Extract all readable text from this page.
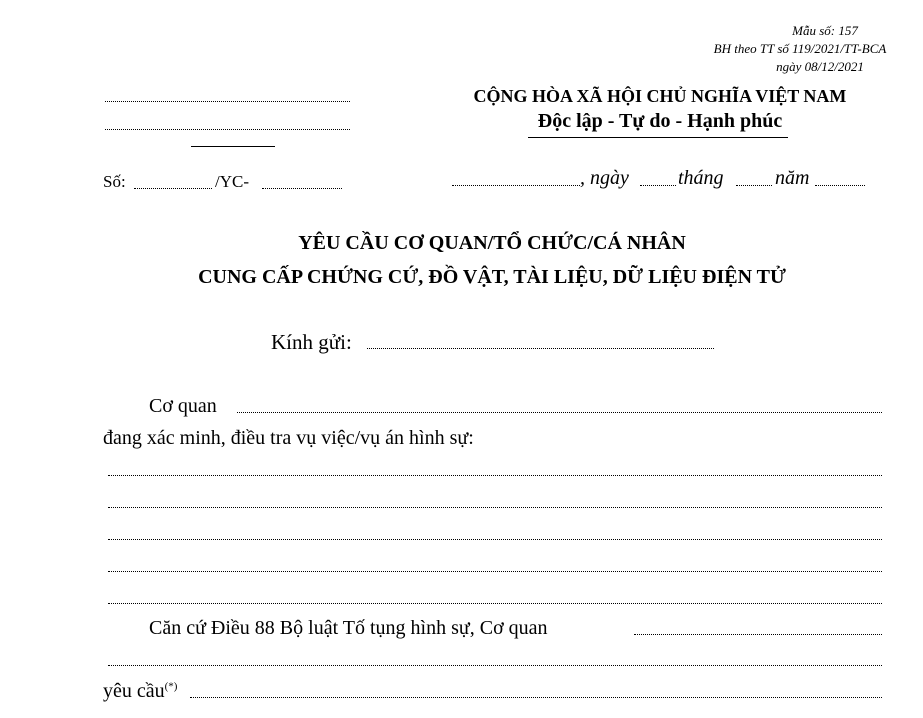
Mẫu số: 157
BH theo TT số 119/2021/TT-BCA
ngày 08/12/2021
Số:	/YC-
CỘNG HÒA XÃ HỘI CHỦ NGHĨA VIỆT NAM
Độc lập - Tự do - Hạnh phúc
, ngày tháng	năm
YÊU CẦU CƠ QUAN/TỔ CHỨC/CÁ NHÂN
CUNG CẤP CHỨNG CỨ, ĐỒ VẬT, TÀI LIỆU, DỮ LIỆU ĐIỆN TỬ
Kính gửi:
Cơ quan
đang xác minh, điều tra vụ việc/vụ án hình sự:
Căn cứ Điều 88 Bộ luật Tố tụng hình sự, Cơ quan
yêu cầu(*)
